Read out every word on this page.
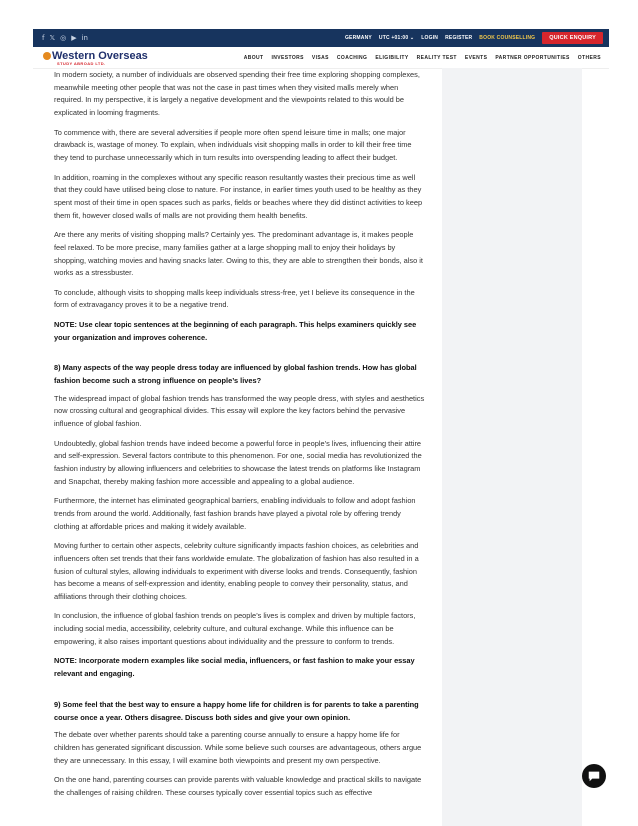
f 𝕏 ◎ ▶ in	GERMANY UTC +01:00 ⌄ LOGIN REGISTER BOOK COUNSELLING	QUICK ENQUIRY
Western Overseas
STUDY ABROAD LTD.
ABOUT INVESTORS VISAS COACHING ELIGIBILITY REALITY TEST EVENTS PARTNER OPPORTUNITIES OTHERS

In modern society, a number of individuals are observed spending their free time exploring shopping complexes, meanwhile meeting other people that was not the case in past times when they visited malls merely when required. In my perspective, it is largely a negative development and the viewpoints related to this would be explicated in looming fragments.

To commence with, there are several adversities if people more often spend leisure time in malls; one major drawback is, wastage of money. To explain, when individuals visit shopping malls in order to kill their free time they tend to purchase unnecessarily which in turn results into overspending leading to affect their budget.

In addition, roaming in the complexes without any specific reason resultantly wastes their precious time as well that they could have utilised being close to nature. For instance, in earlier times youth used to be healthy as they spent most of their time in open spaces such as parks, fields or beaches where they did distinct activities to keep them fit, however closed walls of malls are not providing them health benefits.

Are there any merits of visiting shopping malls? Certainly yes. The predominant advantage is, it makes people feel relaxed. To be more precise, many families gather at a large shopping mall to enjoy their holidays by shopping, watching movies and having snacks later. Owing to this, they are able to strengthen their bonds, also it works as a stressbuster.

To conclude, although visits to shopping malls keep individuals stress-free, yet I believe its consequence in the form of extravagancy proves it to be a negative trend.

NOTE: Use clear topic sentences at the beginning of each paragraph. This helps examiners quickly see your organization and improves coherence.

8) Many aspects of the way people dress today are influenced by global fashion trends. How has global fashion become such a strong influence on people’s lives?

The widespread impact of global fashion trends has transformed the way people dress, with styles and aesthetics now crossing cultural and geographical divides. This essay will explore the key factors behind the pervasive influence of global fashion.

Undoubtedly, global fashion trends have indeed become a powerful force in people’s lives, influencing their attire and self-expression. Several factors contribute to this phenomenon. For one, social media has revolutionized the fashion industry by allowing influencers and celebrities to showcase the latest trends on platforms like Instagram and Snapchat, thereby making fashion more accessible and appealing to a global audience.

Furthermore, the internet has eliminated geographical barriers, enabling individuals to follow and adopt fashion trends from around the world. Additionally, fast fashion brands have played a pivotal role by offering trendy clothing at affordable prices and making it widely available.

Moving further to certain other aspects, celebrity culture significantly impacts fashion choices, as celebrities and influencers often set trends that their fans worldwide emulate. The globalization of fashion has also resulted in a fusion of cultural styles, allowing individuals to experiment with diverse looks and trends. Consequently, fashion has become a means of self-expression and identity, enabling people to convey their personality, status, and affiliations through their clothing choices.

In conclusion, the influence of global fashion trends on people’s lives is complex and driven by multiple factors, including social media, accessibility, celebrity culture, and cultural exchange. While this influence can be empowering, it also raises important questions about individuality and the pressure to conform to trends.

NOTE: Incorporate modern examples like social media, influencers, or fast fashion to make your essay relevant and engaging.

9) Some feel that the best way to ensure a happy home life for children is for parents to take a parenting course once a year. Others disagree. Discuss both sides and give your own opinion.

The debate over whether parents should take a parenting course annually to ensure a happy home life for children has generated significant discussion. While some believe such courses are advantageous, others argue they are unnecessary. In this essay, I will examine both viewpoints and present my own perspective.

On the one hand, parenting courses can provide parents with valuable knowledge and practical skills to navigate the challenges of raising children. These courses typically cover essential topics such as effective
